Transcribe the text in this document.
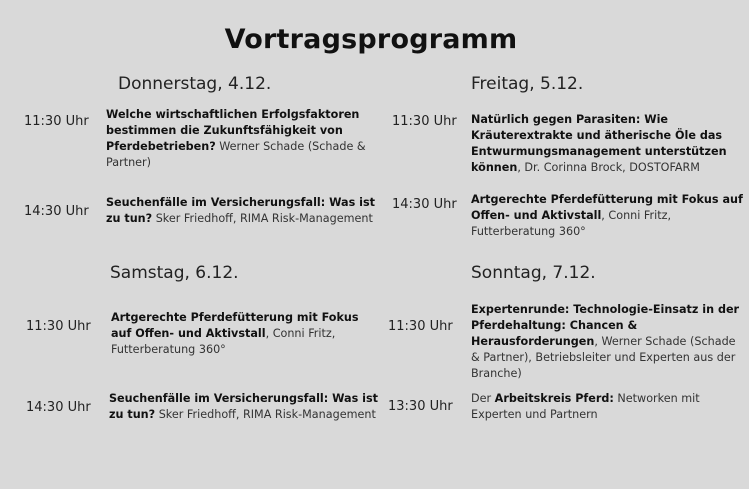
Vortragsprogramm
Donnerstag, 4.12.
11:30 Uhr Welche wirtschaftlichen Erfolgsfaktoren bestimmen die Zukunftsfähigkeit von Pferdebetrieben? Werner Schade (Schade & Partner)
14:30 Uhr
Seuchenfälle im Versicherungsfall: Was ist zu tun? Sker Friedhoff, RIMA Risk-Management
Freitag, 5.12.
11:30 Uhr Natürlich gegen Parasiten: Wie Kräuterextrakte und ätherische Öle das Entwurmungsmanagement unterstützen können, Dr. Corinna Brock, DOSTOFARM
14:30 Uhr Artgerechte Pferdefütterung mit Fokus auf Offen- und Aktivstall, Conni Fritz, Futterberatung 360°
Samstag, 6.12.
11:30 Uhr
Artgerechte Pferdefütterung mit Fokus auf Offen- und Aktivstall, Conni Fritz, Futterberatung 360°
14:30 Uhr
Seuchenfälle im Versicherungsfall: Was ist zu tun? Sker Friedhoff, RIMA Risk-Management
Sonntag, 7.12.
11:30 Uhr
Expertenrunde: Technologie-Einsatz in der Pferdehaltung: Chancen & Herausforderungen, Werner Schade (Schade & Partner), Betriebsleiter und Experten aus der Branche)
13:30 Uhr
Der Arbeitskreis Pferd: Networken mit Experten und Partnern
